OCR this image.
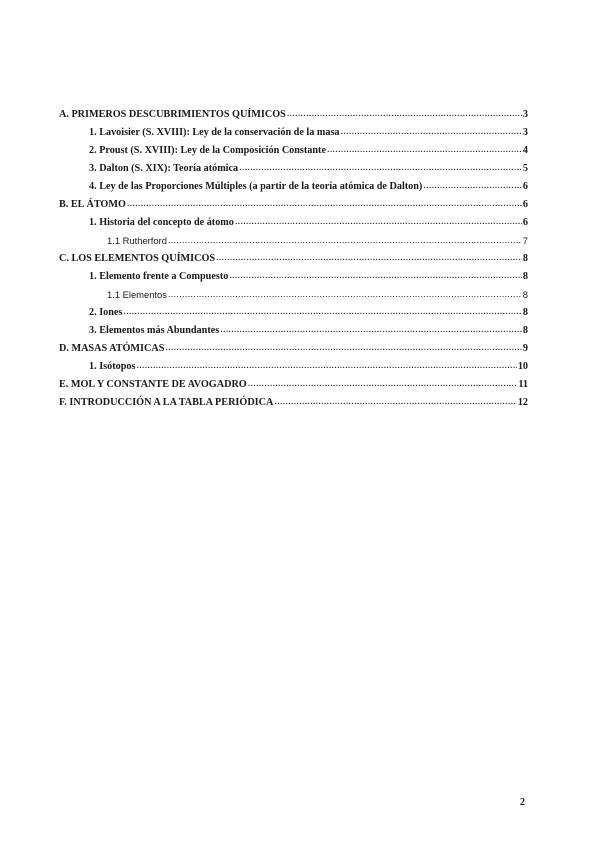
A. PRIMEROS DESCUBRIMIENTOS QUÍMICOS .....	3
1. Lavoisier (S. XVIII): Ley de la conservación de la masa .....	3
2. Proust (S. XVIII): Ley de la Composición Constante .....	4
3. Dalton (S. XIX): Teoría atómica .....	5
4. Ley de las Proporciones Múltiples (a partir de la teoría atómica de Dalton) .....	6
B. EL ÁTOMO .....	6
1. Historia del concepto de átomo .....	6
1.1 Rutherford .....	7
C. LOS ELEMENTOS QUÍMICOS .....	8
1. Elemento frente a Compuesto .....	8
1.1 Elementos .....	8
2. Iones .....	8
3. Elementos más Abundantes .....	8
D. MASAS ATÓMICAS .....	9
1. Isótopos .....	10
E. MOL Y CONSTANTE DE AVOGADRO .....	11
F. INTRODUCCIÓN A LA TABLA PERIÓDICA .....	12
2
